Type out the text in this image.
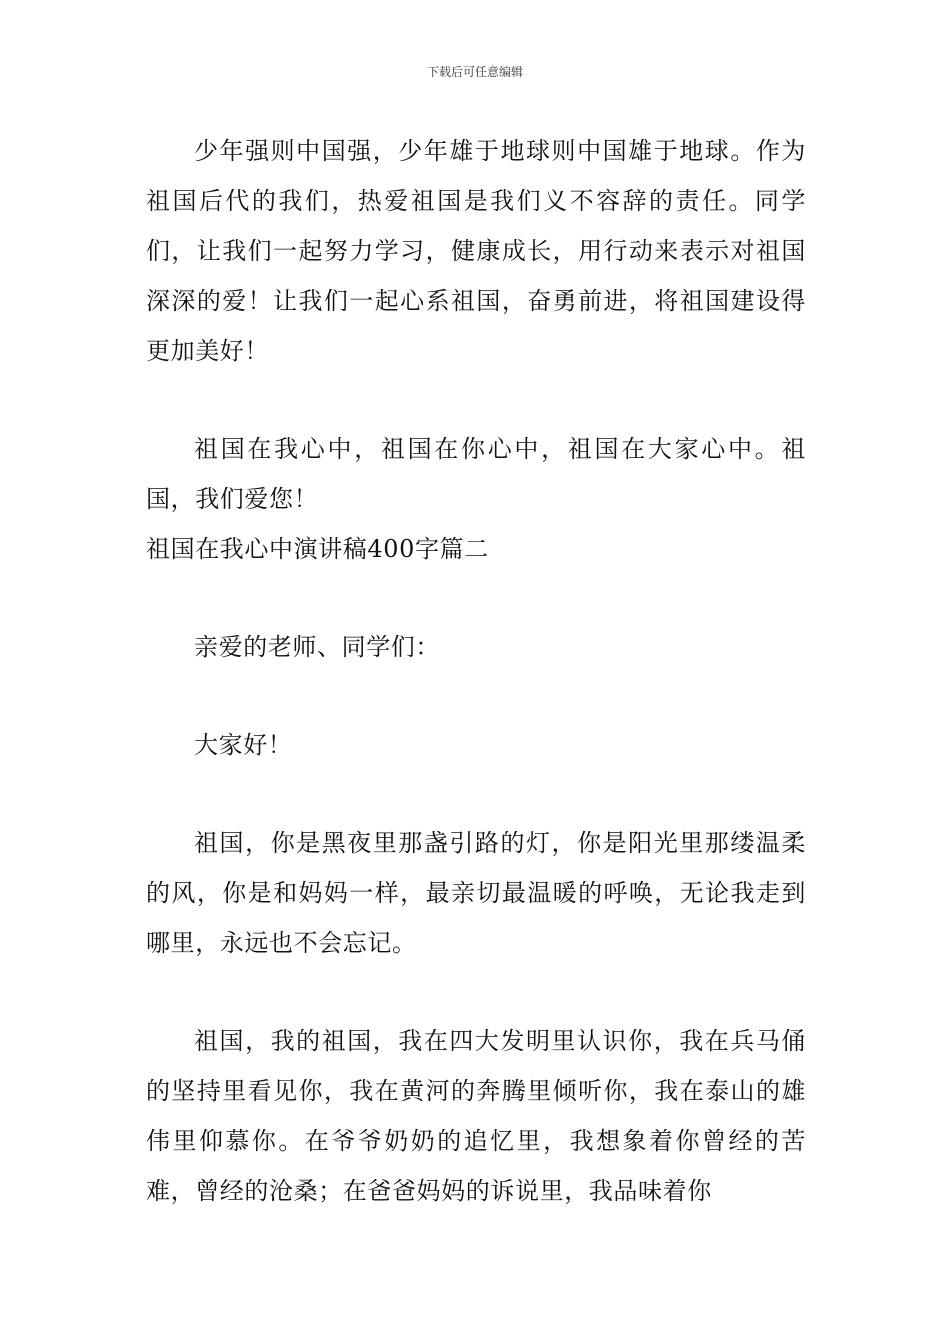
下载后可任意编辑

少年强则中国强，少年雄于地球则中国雄于地球。作为祖国后代的我们，热爱祖国是我们义不容辞的责任。同学们，让我们一起努力学习，健康成长，用行动来表示对祖国深深的爱！让我们一起心系祖国，奋勇前进，将祖国建设得更加美好！

祖国在我心中，祖国在你心中，祖国在大家心中。祖国，我们爱您！

祖国在我心中演讲稿400字篇二

亲爱的老师、同学们：

大家好！

祖国，你是黑夜里那盏引路的灯，你是阳光里那缕温柔的风，你是和妈妈一样，最亲切最温暖的呼唤，无论我走到哪里，永远也不会忘记。

祖国，我的祖国，我在四大发明里认识你，我在兵马俑的坚持里看见你，我在黄河的奔腾里倾听你，我在泰山的雄伟里仰慕你。在爷爷奶奶的追忆里，我想象着你曾经的苦难，曾经的沧桑；在爸爸妈妈的诉说里，我品味着你
